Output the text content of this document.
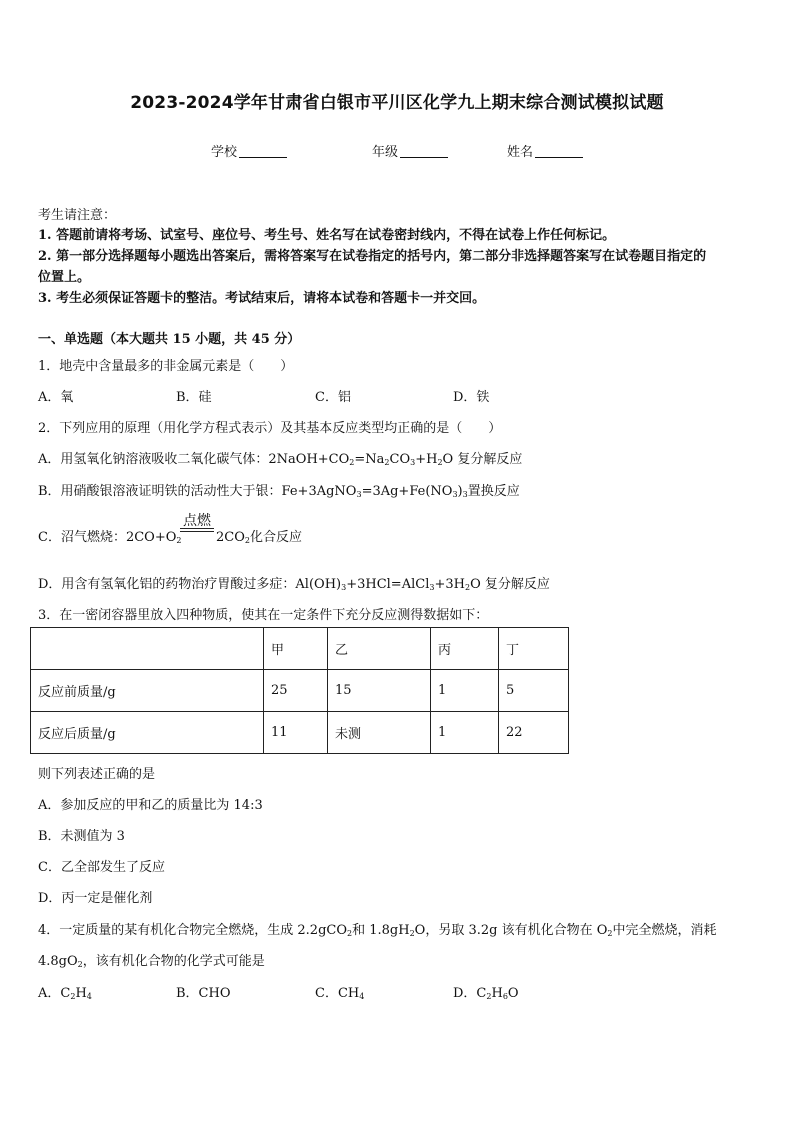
2023-2024学年甘肃省白银市平川区化学九上期末综合测试模拟试题
学校	年级	姓名
考生请注意：
1. 答题前请将考场、试室号、座位号、考生号、姓名写在试卷密封线内，不得在试卷上作任何标记。
2. 第一部分选择题每小题选出答案后，需将答案写在试卷指定的括号内，第二部分非选择题答案写在试卷题目指定的
位置上。
3. 考生必须保证答题卡的整洁。考试结束后，请将本试卷和答题卡一并交回。
一、单选题（本大题共 15 小题，共 45 分）
1．地壳中含量最多的非金属元素是（　　）
A．氧	B．硅	C．铝	D．铁
2．下列应用的原理（用化学方程式表示）及其基本反应类型均正确的是（　　）
A．用氢氧化钠溶液吸收二氧化碳气体：$2NaOH+CO_2=Na_2CO_3+H_2O$ 复分解反应
B．用硝酸银溶液证明铁的活动性大于银：$Fe+3AgNO_3=3Ag+Fe(NO_3)_3$置换反应
点燃
C．沼气燃烧：$2CO+O_2$	$2CO_2$化合反应
D．用含有氢氧化铝的药物治疗胃酸过多症：$Al(OH)_3+3HCl=AlCl_3+3H_2O$ 复分解反应
3．在一密闭容器里放入四种物质，使其在一定条件下充分反应测得数据如下：
	甲	乙	丙	丁
反应前质量/g	25	15	1	5
反应后质量/g	11	未测	1	22
则下列表述正确的是
A．参加反应的甲和乙的质量比为 14:3
B．未测值为 3
C．乙全部发生了反应
D．丙一定是催化剂
4．一定质量的某有机化合物完全燃烧，生成 2.2gCO$_2$和 $1.8gH_2O$，另取 3.2g 该有机化合物在 $O_2$中完全燃烧，消耗
$4.8gO_2$，该有机化合物的化学式可能是
A．$C_2H_4$	B．CHO	C．$CH_4$	D．$C_2H_6O$
